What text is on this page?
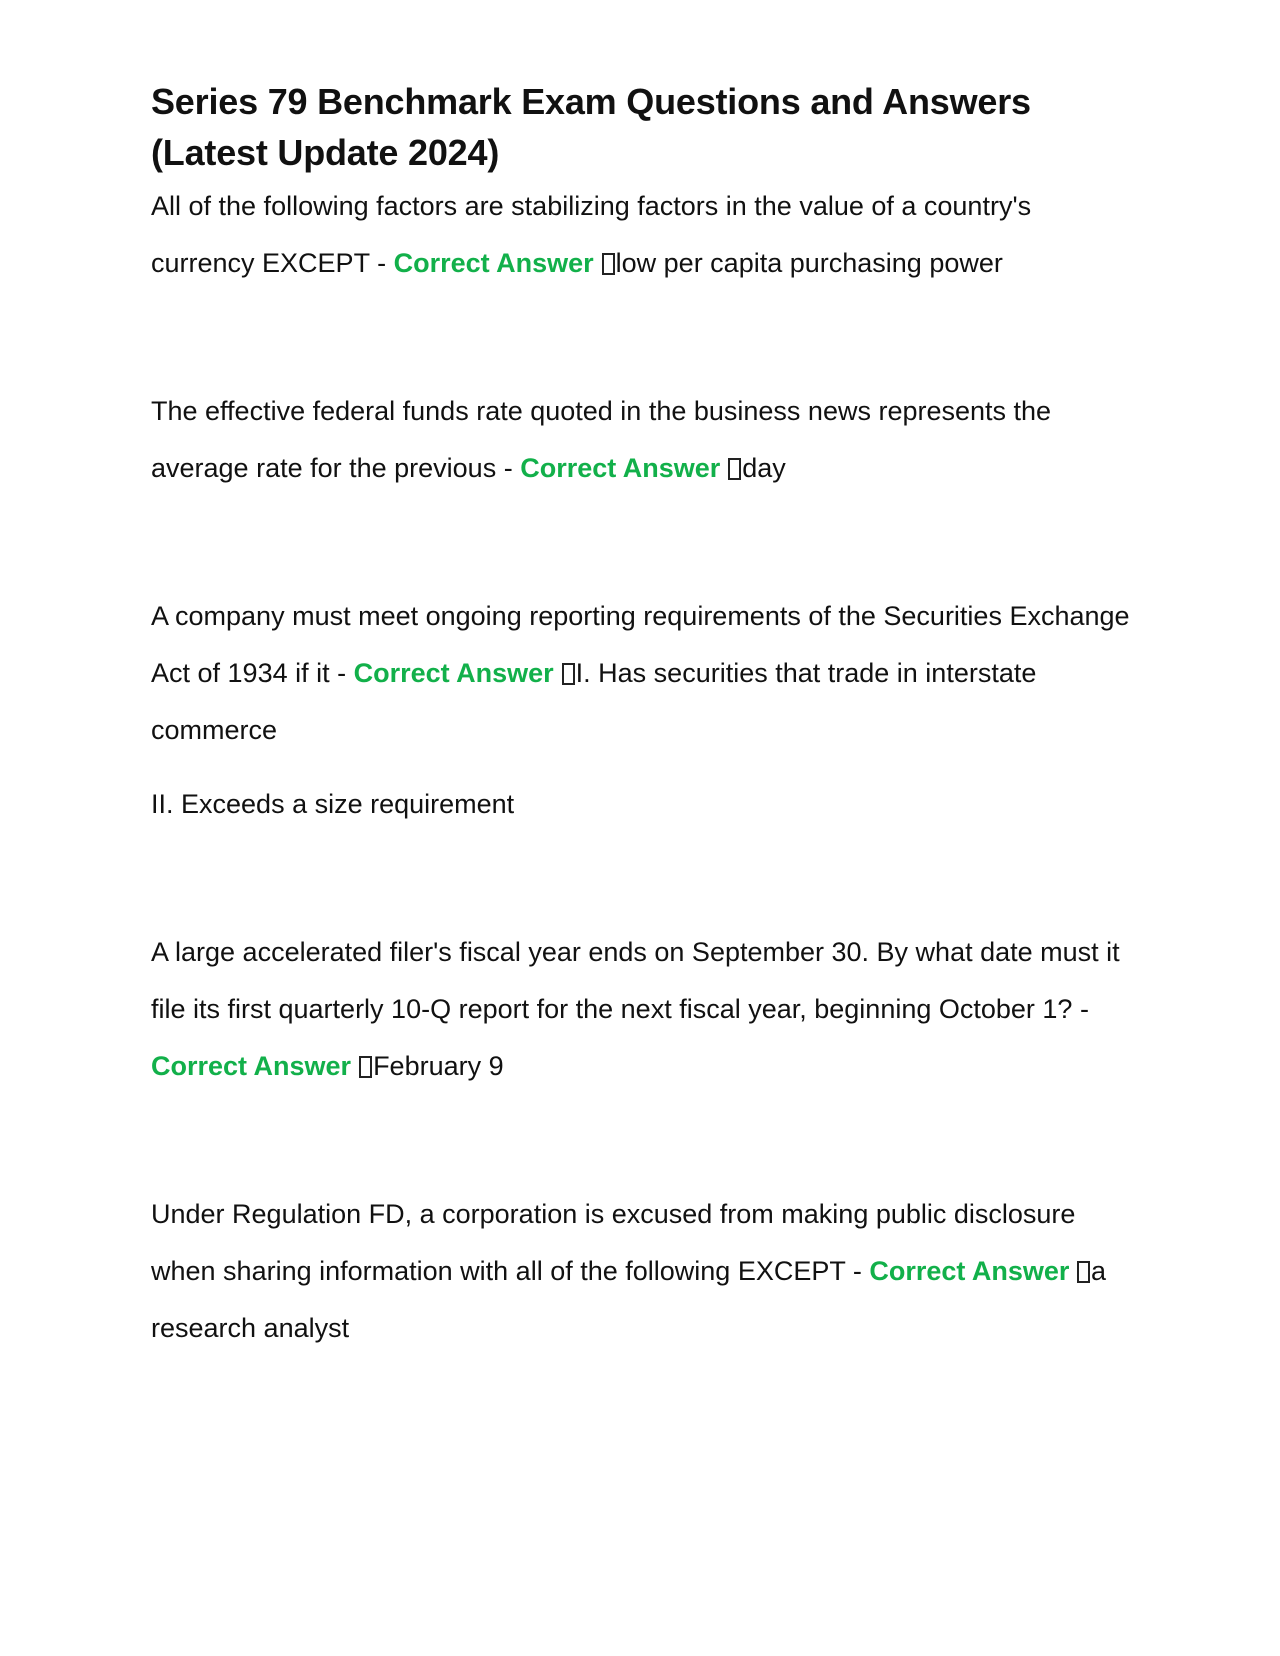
Series 79 Benchmark Exam Questions and Answers (Latest Update 2024)

All of the following factors are stabilizing factors in the value of a country's currency EXCEPT - Correct Answer low per capita purchasing power

The effective federal funds rate quoted in the business news represents the average rate for the previous - Correct Answer day

A company must meet ongoing reporting requirements of the Securities Exchange Act of 1934 if it - Correct Answer I. Has securities that trade in interstate commerce
II. Exceeds a size requirement

A large accelerated filer's fiscal year ends on September 30. By what date must it file its first quarterly 10-Q report for the next fiscal year, beginning October 1? - Correct Answer February 9

Under Regulation FD, a corporation is excused from making public disclosure when sharing information with all of the following EXCEPT - Correct Answer a research analyst
